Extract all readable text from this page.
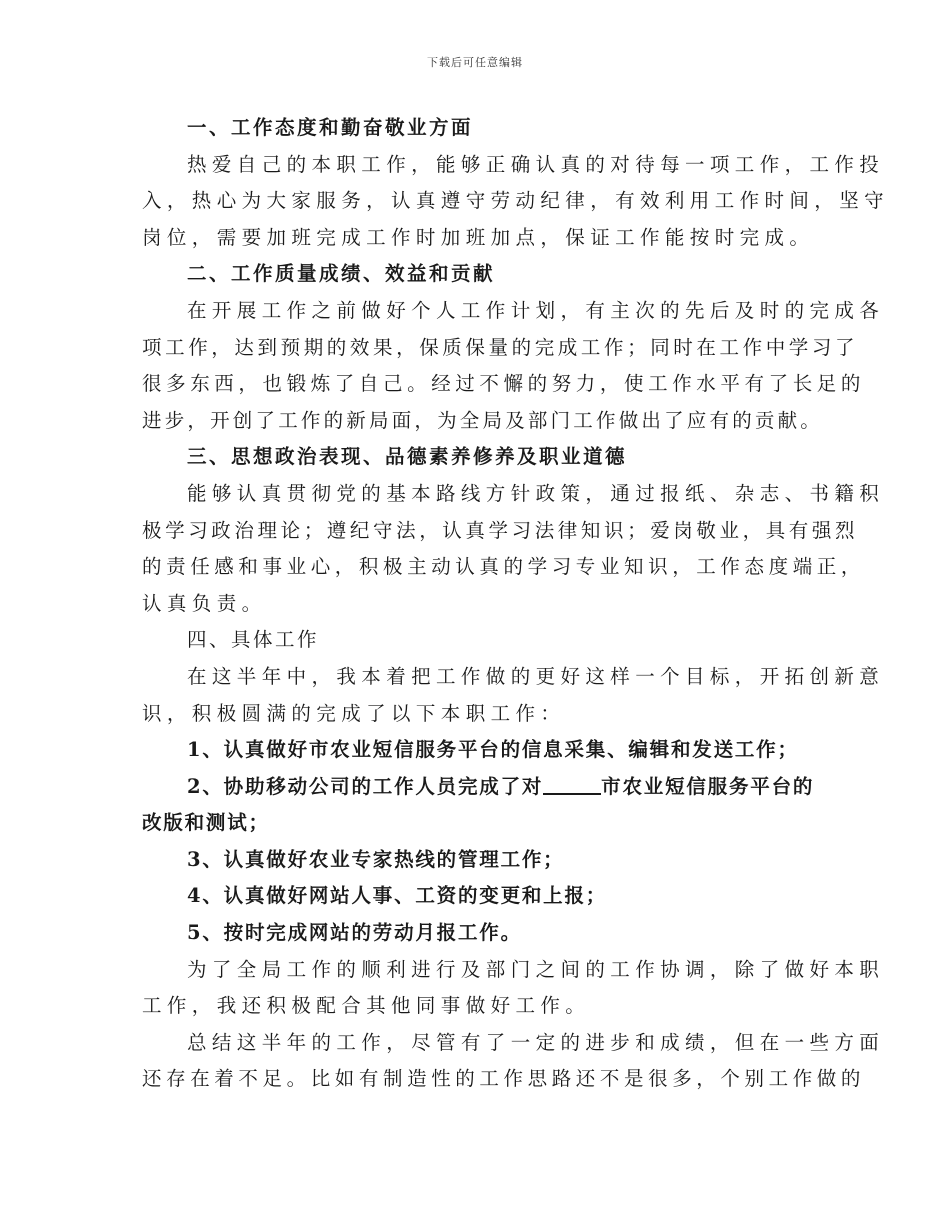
下载后可任意编辑
一、工作态度和勤奋敬业方面
热爱自己的本职工作，能够正确认真的对待每一项工作，工作投
入，热心为大家服务，认真遵守劳动纪律，有效利用工作时间，坚守
岗位，需要加班完成工作时加班加点，保证工作能按时完成。
二、工作质量成绩、效益和贡献
在开展工作之前做好个人工作计划，有主次的先后及时的完成各
项工作，达到预期的效果，保质保量的完成工作；同时在工作中学习了
很多东西，也锻炼了自己。经过不懈的努力，使工作水平有了长足的
进步，开创了工作的新局面，为全局及部门工作做出了应有的贡献。
三、思想政治表现、品德素养修养及职业道德
能够认真贯彻党的基本路线方针政策，通过报纸、杂志、书籍积
极学习政治理论；遵纪守法，认真学习法律知识；爱岗敬业，具有强烈
的责任感和事业心，积极主动认真的学习专业知识，工作态度端正，
认真负责。
四、具体工作
在这半年中，我本着把工作做的更好这样一个目标，开拓创新意
识，积极圆满的完成了以下本职工作：
1、认真做好市农业短信服务平台的信息采集、编辑和发送工作；
2、协助移动公司的工作人员完成了对	市农业短信服务平台的
改版和测试；
3、认真做好农业专家热线的管理工作；
4、认真做好网站人事、工资的变更和上报；
5、按时完成网站的劳动月报工作。
为了全局工作的顺利进行及部门之间的工作协调，除了做好本职
工作，我还积极配合其他同事做好工作。
总结这半年的工作，尽管有了一定的进步和成绩，但在一些方面
还存在着不足。比如有制造性的工作思路还不是很多，个别工作做的
